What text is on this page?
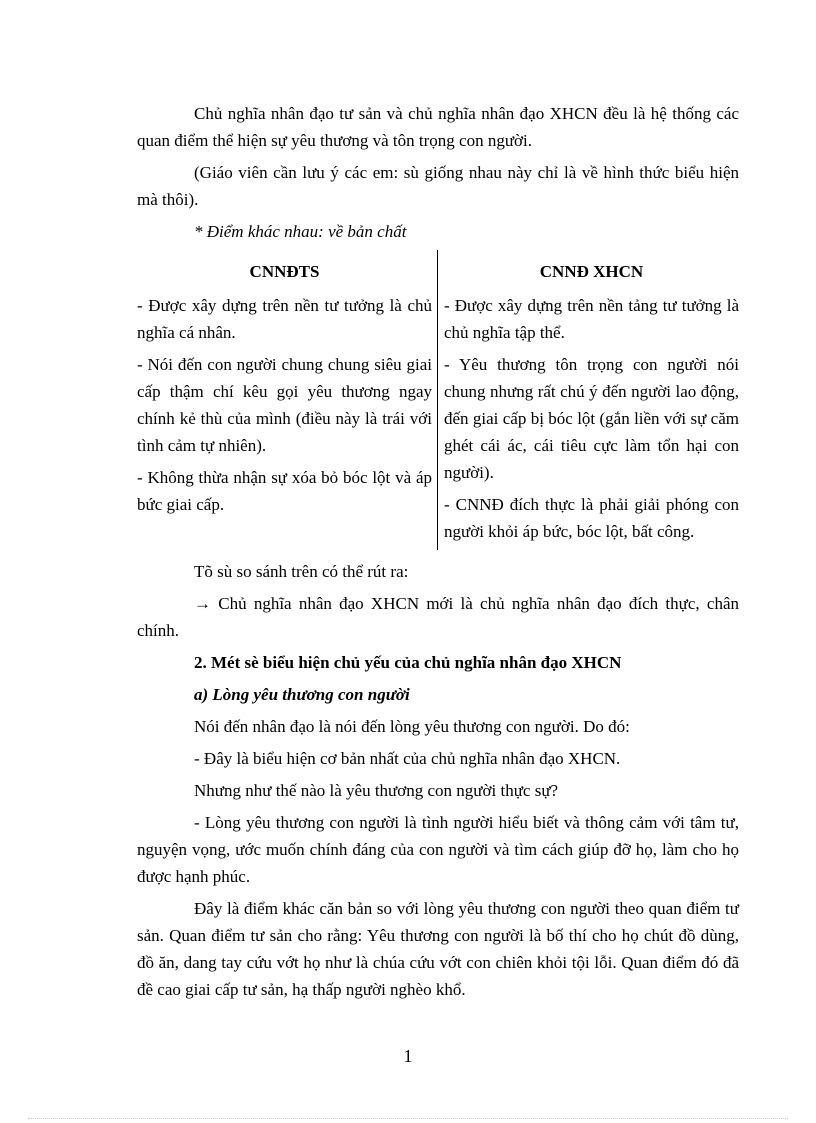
Chủ nghĩa nhân đạo tư sản và chủ nghĩa nhân đạo XHCN đều là hệ thống các quan điểm thể hiện sự yêu thương và tôn trọng con người.

(Giáo viên cần lưu ý các em: sù giống nhau này chỉ là về hình thức biểu hiện mà thôi).

* Điểm khác nhau: về bản chất

CNNĐTS

- Được xây dựng trên nền tư tưởng là chủ nghĩa cá nhân.

- Nói đến con người chung chung siêu giai cấp thậm chí kêu gọi yêu thương ngay chính kẻ thù của mình (điều này là trái với tình cảm tự nhiên).

- Không thừa nhận sự xóa bỏ bóc lột và áp bức giai cấp.

CNNĐ XHCN

- Được xây dựng trên nền tảng tư tưởng là chủ nghĩa tập thể.

- Yêu thương tôn trọng con người nói chung nhưng rất chú ý đến người lao động, đến giai cấp bị bóc lột (gắn liền với sự căm ghét cái ác, cái tiêu cực làm tổn hại con người).

- CNNĐ đích thực là phải giải phóng con người khỏi áp bức, bóc lột, bất công.

Tõ sù so sánh trên có thể rút ra:

→ Chủ nghĩa nhân đạo XHCN mới là chủ nghĩa nhân đạo đích thực, chân chính.

2. Mét sè biểu hiện chủ yếu của chủ nghĩa nhân đạo XHCN

a) Lòng yêu thương con người

Nói đến nhân đạo là nói đến lòng yêu thương con người. Do đó:

- Đây là biểu hiện cơ bản nhất của chủ nghĩa nhân đạo XHCN.

Nhưng như thế nào là yêu thương con người thực sự?

- Lòng yêu thương con người là tình người hiểu biết và thông cảm với tâm tư, nguyện vọng, ước muốn chính đáng của con người và tìm cách giúp đỡ họ, làm cho họ được hạnh phúc.

Đây là điểm khác căn bản so với lòng yêu thương con người theo quan điểm tư sản. Quan điểm tư sản cho rằng: Yêu thương con người là bố thí cho họ chút đồ dùng, đồ ăn, dang tay cứu vớt họ như là chúa cứu vớt con chiên khỏi tội lỗi. Quan điểm đó đã đề cao giai cấp tư sản, hạ thấp người nghèo khổ.

1
